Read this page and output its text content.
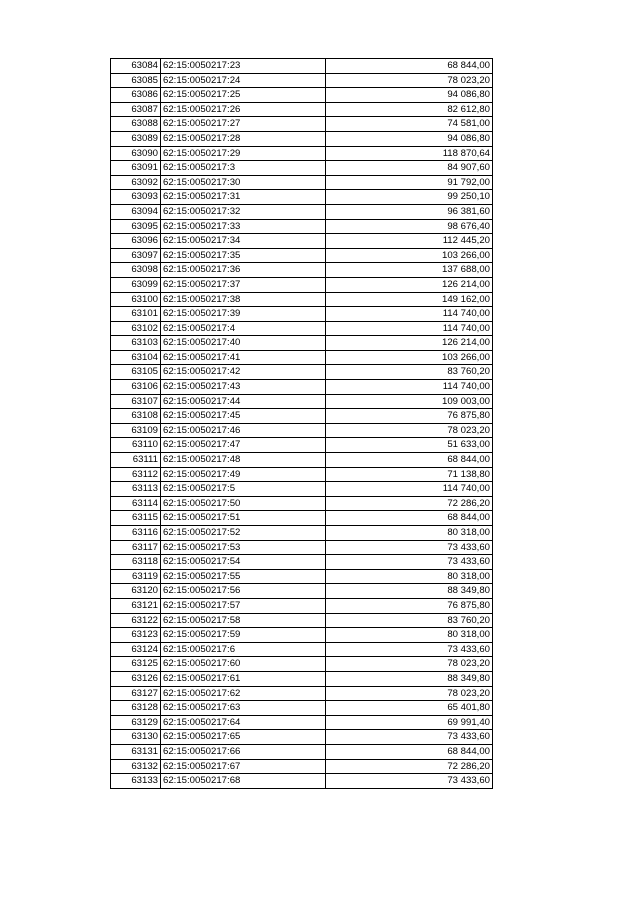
63084	62:15:0050217:23	68 844,00
63085	62:15:0050217:24	78 023,20
63086	62:15:0050217:25	94 086,80
63087	62:15:0050217:26	82 612,80
63088	62:15:0050217:27	74 581,00
63089	62:15:0050217:28	94 086,80
63090	62:15:0050217:29	118 870,64
63091	62:15:0050217:3	84 907,60
63092	62:15:0050217:30	91 792,00
63093	62:15:0050217:31	99 250,10
63094	62:15:0050217:32	96 381,60
63095	62:15:0050217:33	98 676,40
63096	62:15:0050217:34	112 445,20
63097	62:15:0050217:35	103 266,00
63098	62:15:0050217:36	137 688,00
63099	62:15:0050217:37	126 214,00
63100	62:15:0050217:38	149 162,00
63101	62:15:0050217:39	114 740,00
63102	62:15:0050217:4	114 740,00
63103	62:15:0050217:40	126 214,00
63104	62:15:0050217:41	103 266,00
63105	62:15:0050217:42	83 760,20
63106	62:15:0050217:43	114 740,00
63107	62:15:0050217:44	109 003,00
63108	62:15:0050217:45	76 875,80
63109	62:15:0050217:46	78 023,20
63110	62:15:0050217:47	51 633,00
63111	62:15:0050217:48	68 844,00
63112	62:15:0050217:49	71 138,80
63113	62:15:0050217:5	114 740,00
63114	62:15:0050217:50	72 286,20
63115	62:15:0050217:51	68 844,00
63116	62:15:0050217:52	80 318,00
63117	62:15:0050217:53	73 433,60
63118	62:15:0050217:54	73 433,60
63119	62:15:0050217:55	80 318,00
63120	62:15:0050217:56	88 349,80
63121	62:15:0050217:57	76 875,80
63122	62:15:0050217:58	83 760,20
63123	62:15:0050217:59	80 318,00
63124	62:15:0050217:6	73 433,60
63125	62:15:0050217:60	78 023,20
63126	62:15:0050217:61	88 349,80
63127	62:15:0050217:62	78 023,20
63128	62:15:0050217:63	65 401,80
63129	62:15:0050217:64	69 991,40
63130	62:15:0050217:65	73 433,60
63131	62:15:0050217:66	68 844,00
63132	62:15:0050217:67	72 286,20
63133	62:15:0050217:68	73 433,60
